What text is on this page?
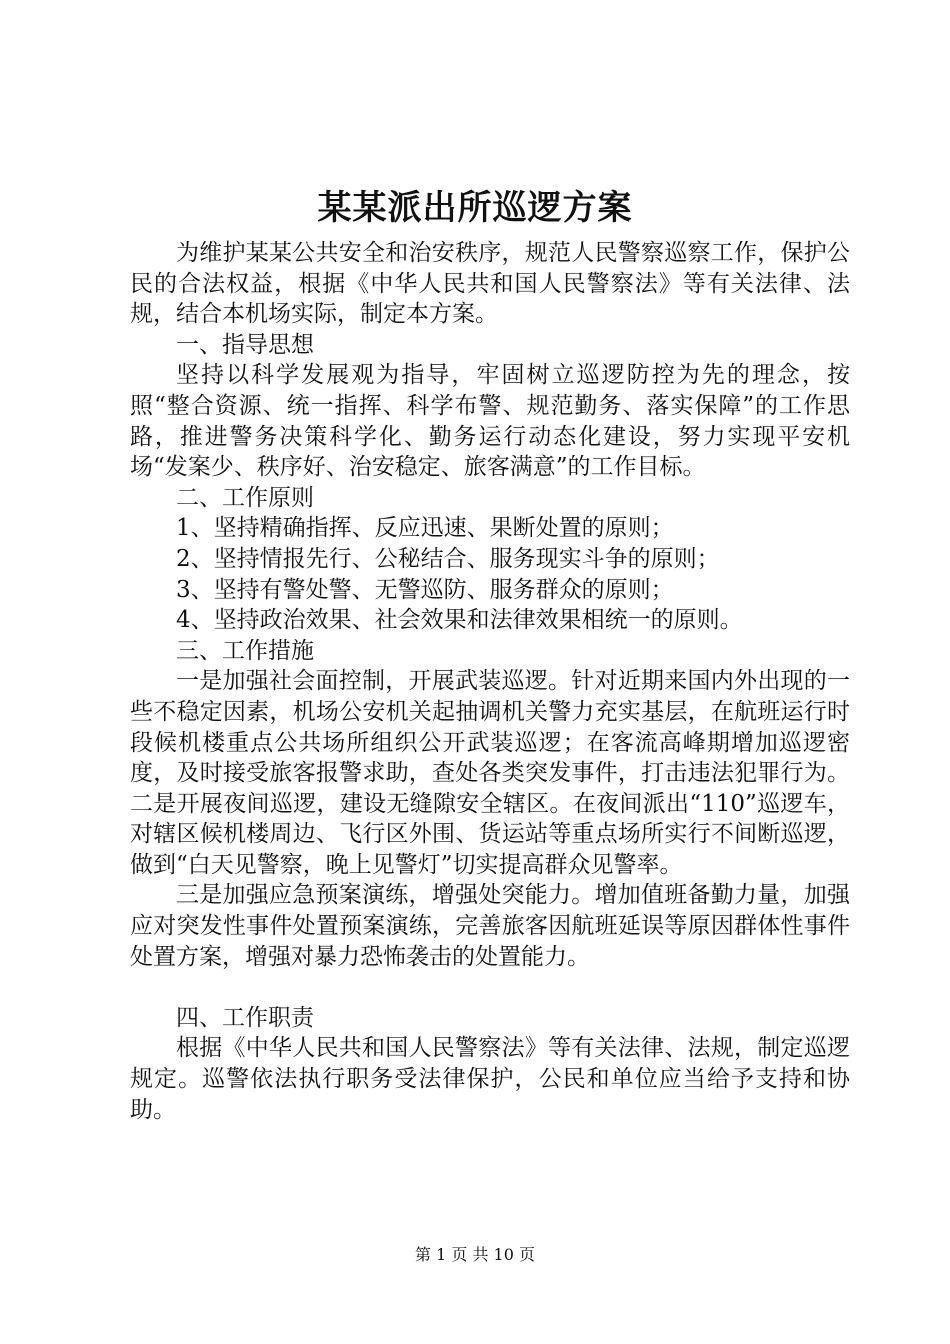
某某派出所巡逻方案

为维护某某公共安全和治安秩序，规范人民警察巡察工作，保护公民的合法权益，根据《中华人民共和国人民警察法》等有关法律、法规，结合本机场实际，制定本方案。

一、指导思想

坚持以科学发展观为指导，牢固树立巡逻防控为先的理念，按照“整合资源、统一指挥、科学布警、规范勤务、落实保障”的工作思路，推进警务决策科学化、勤务运行动态化建设，努力实现平安机场“发案少、秩序好、治安稳定、旅客满意”的工作目标。

二、工作原则

1、坚持精确指挥、反应迅速、果断处置的原则；

2、坚持情报先行、公秘结合、服务现实斗争的原则；

3、坚持有警处警、无警巡防、服务群众的原则；

4、坚持政治效果、社会效果和法律效果相统一的原则。

三、工作措施

一是加强社会面控制，开展武装巡逻。针对近期来国内外出现的一些不稳定因素，机场公安机关起抽调机关警力充实基层，在航班运行时段候机楼重点公共场所组织公开武装巡逻；在客流高峰期增加巡逻密度，及时接受旅客报警求助，查处各类突发事件，打击违法犯罪行为。二是开展夜间巡逻，建设无缝隙安全辖区。在夜间派出“110”巡逻车，对辖区候机楼周边、飞行区外围、货运站等重点场所实行不间断巡逻，做到“白天见警察，晚上见警灯”切实提高群众见警率。

三是加强应急预案演练，增强处突能力。增加值班备勤力量，加强应对突发性事件处置预案演练，完善旅客因航班延误等原因群体性事件处置方案，增强对暴力恐怖袭击的处置能力。

四、工作职责

根据《中华人民共和国人民警察法》等有关法律、法规，制定巡逻规定。巡警依法执行职务受法律保护，公民和单位应当给予支持和协助。

第 1 页 共 10 页
